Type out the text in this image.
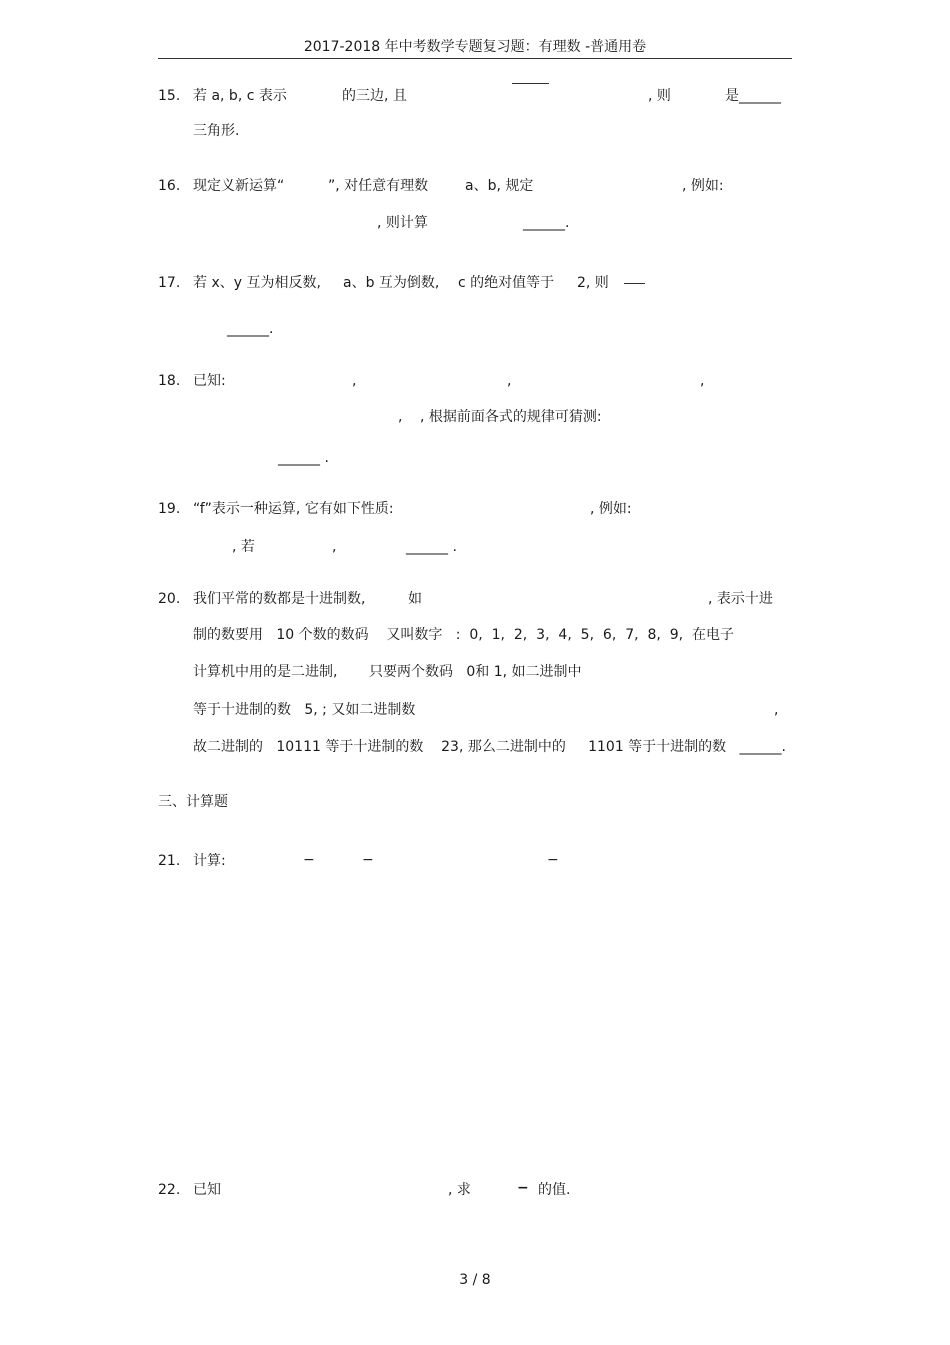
2017-2018 年中考数学专题复习题：有理数 -普通用卷
15. 若 a, b, c 表示	的三边, 且	, 则	是______
三角形.
16. 现定义新运算“	”, 对任意有理数	a、b, 规定	, 例如:
, 则计算	______.
17. 若 x、y 互为相反数, a、b 互为倒数, c 的绝对值等于 2, 则
______.
18. 已知:	,	,	,
, , 根据前面各式的规律可猜测:
______ .
19. “f”表示一种运算, 它有如下性质:	, 例如:
, 若	,	______ .
20. 我们平常的数都是十进制数,	如	, 表示十进
制的数要用   10 个数的数码    又叫数字   :  0,  1,  2,  3,  4,  5,  6,  7,  8,  9,  在电子
计算机中用的是二进制, 只要两个数码   0和 1, 如二进制中
等于十进制的数   5, ; 又如二进制数	,
故二进制的   10111 等于十进制的数    23, 那么二进制中的     1101 等于十进制的数   ______.
三、计算题
21. 计算:	−	−	−
22. 已知	, 求	− 的值.
3 / 8
